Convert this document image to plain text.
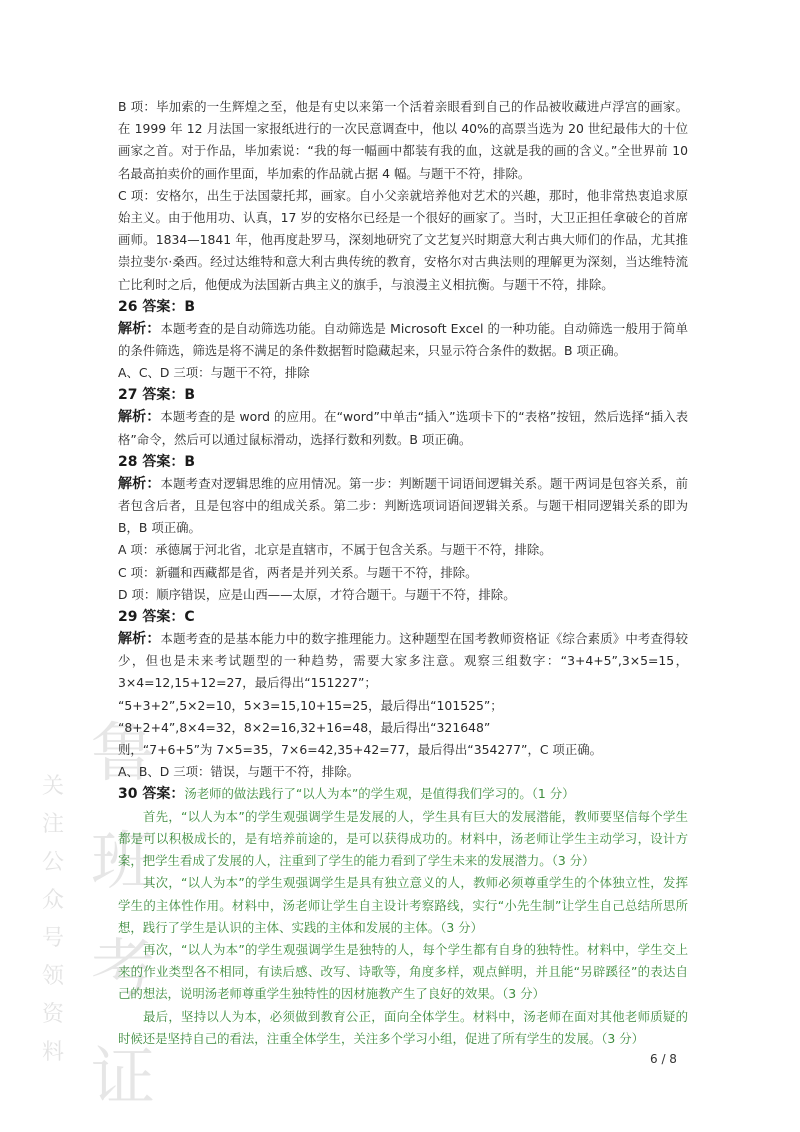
鲁班考证
关注公众号领资料

B 项：毕加索的一生辉煌之至，他是有史以来第一个活着亲眼看到自己的作品被收藏进卢浮宫的画家。在 1999 年 12 月法国一家报纸进行的一次民意调查中，他以 40%的高票当选为 20 世纪最伟大的十位画家之首。对于作品，毕加索说：“我的每一幅画中都装有我的血，这就是我的画的含义。”全世界前 10 名最高拍卖价的画作里面，毕加索的作品就占据 4 幅。与题干不符，排除。

C 项：安格尔，出生于法国蒙托邦，画家。自小父亲就培养他对艺术的兴趣，那时，他非常热衷追求原始主义。由于他用功、认真，17 岁的安格尔已经是一个很好的画家了。当时，大卫正担任拿破仑的首席画师。1834—1841 年，他再度赴罗马，深刻地研究了文艺复兴时期意大利古典大师们的作品，尤其推崇拉斐尔·桑西。经过达维特和意大利古典传统的教育，安格尔对古典法则的理解更为深刻，当达维特流亡比利时之后，他便成为法国新古典主义的旗手，与浪漫主义相抗衡。与题干不符，排除。

26 答案：B

解析：本题考查的是自动筛选功能。自动筛选是 Microsoft Excel 的一种功能。自动筛选一般用于简单的条件筛选，筛选是将不满足的条件数据暂时隐藏起来，只显示符合条件的数据。B 项正确。

A、C、D 三项：与题干不符，排除

27 答案：B

解析：本题考查的是 word 的应用。在“word”中单击“插入”选项卡下的“表格”按钮，然后选择“插入表格”命令，然后可以通过鼠标滑动，选择行数和列数。B 项正确。

28 答案：B

解析：本题考查对逻辑思维的应用情况。第一步：判断题干词语间逻辑关系。题干两词是包容关系，前者包含后者，且是包容中的组成关系。第二步：判断选项词语间逻辑关系。与题干相同逻辑关系的即为 B，B 项正确。

A 项：承德属于河北省，北京是直辖市，不属于包含关系。与题干不符，排除。

C 项：新疆和西藏都是省，两者是并列关系。与题干不符，排除。

D 项：顺序错误，应是山西——太原，才符合题干。与题干不符，排除。

29 答案：C

解析：本题考查的是基本能力中的数字推理能力。这种题型在国考教师资格证《综合素质》中考查得较少，但也是未来考试题型的一种趋势，需要大家多注意。观察三组数字：“3+4+5”,3×5=15，3×4=12,15+12=27，最后得出“151227”；

“5+3+2”,5×2=10，5×3=15,10+15=25，最后得出“101525”；

“8+2+4”,8×4=32，8×2=16,32+16=48，最后得出“321648”

则，“7+6+5”为 7×5=35，7×6=42,35+42=77，最后得出“354277”，C 项正确。

A、B、D 三项：错误，与题干不符，排除。

30 答案：汤老师的做法践行了“以人为本”的学生观，是值得我们学习的。（1 分）

首先，“以人为本”的学生观强调学生是发展的人，学生具有巨大的发展潜能，教师要坚信每个学生都是可以积极成长的，是有培养前途的，是可以获得成功的。材料中，汤老师让学生主动学习，设计方案，把学生看成了发展的人，注重到了学生的能力看到了学生未来的发展潜力。（3 分）

其次，“以人为本”的学生观强调学生是具有独立意义的人，教师必须尊重学生的个体独立性，发挥学生的主体性作用。材料中，汤老师让学生自主设计考察路线，实行“小先生制”让学生自己总结所思所想，践行了学生是认识的主体、实践的主体和发展的主体。（3 分）

再次，“以人为本”的学生观强调学生是独特的人，每个学生都有自身的独特性。材料中，学生交上来的作业类型各不相同，有读后感、改写、诗歌等，角度多样，观点鲜明，并且能“另辟蹊径”的表达自己的想法，说明汤老师尊重学生独特性的因材施教产生了良好的效果。（3 分）

最后，坚持以人为本，必须做到教育公正，面向全体学生。材料中，汤老师在面对其他老师质疑的时候还是坚持自己的看法，注重全体学生，关注多个学习小组，促进了所有学生的发展。（3 分）

6 / 8
